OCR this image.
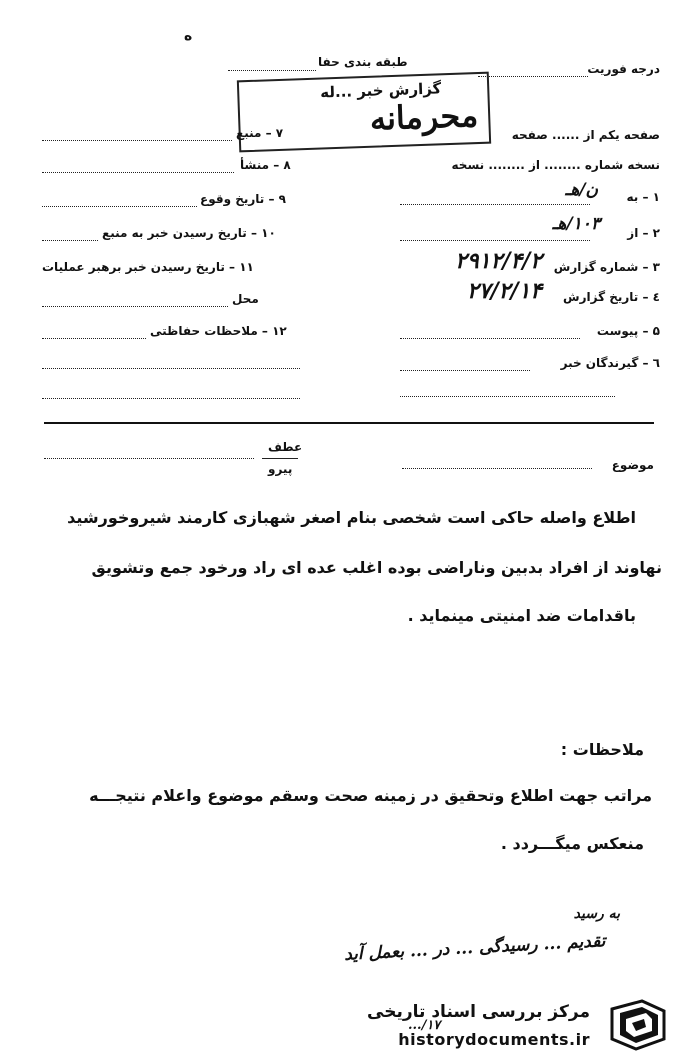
ه
درجه فوریت
طبقه بندی حفا
گزارش خبر ...له
محرمانه	صفحه یکم از ...... صفحه
نسخه شماره ........ از ........ نسخه
۱ – به
ن/هـ
۲ – از
۱۰۳/هـ
۳ – شماره گزارش
۲۹۱۲/۴/۲
٤ – تاریخ گزارش
۲۷/۲/۱۴
۵ – پیوست
٦ – گیرندگان خبر
۷ – منبع
۸ – منشأ
۹ – تاریخ وقوع
۱۰ – تاریخ رسیدن خبر به منبع
۱۱ – تاریخ رسیدن خبر برهبر عملیات
محل
۱۲ – ملاحظات حفاظتی
موضوع
عطف
پیرو
اطلاع واصله حاکی است شخصی بنام اصغر شهبازی کارمند شیروخورشید
نهاوند از افراد بدبین وناراضی بوده اغلب عده ای راد ورخود جمع وتشویق
باقدامات ضد امنیتی مینماید .
ملاحظات :
مراتب جهت اطلاع وتحقیق در زمینه صحت وسقم موضوع واعلام نتیجـــه
منعکس میگـــردد .
به رسید
تقدیم ... رسیدگی ... در ... بعمل آید
۱۷/...
مرکز بررسی اسناد تاریخی
historydocuments.ir
